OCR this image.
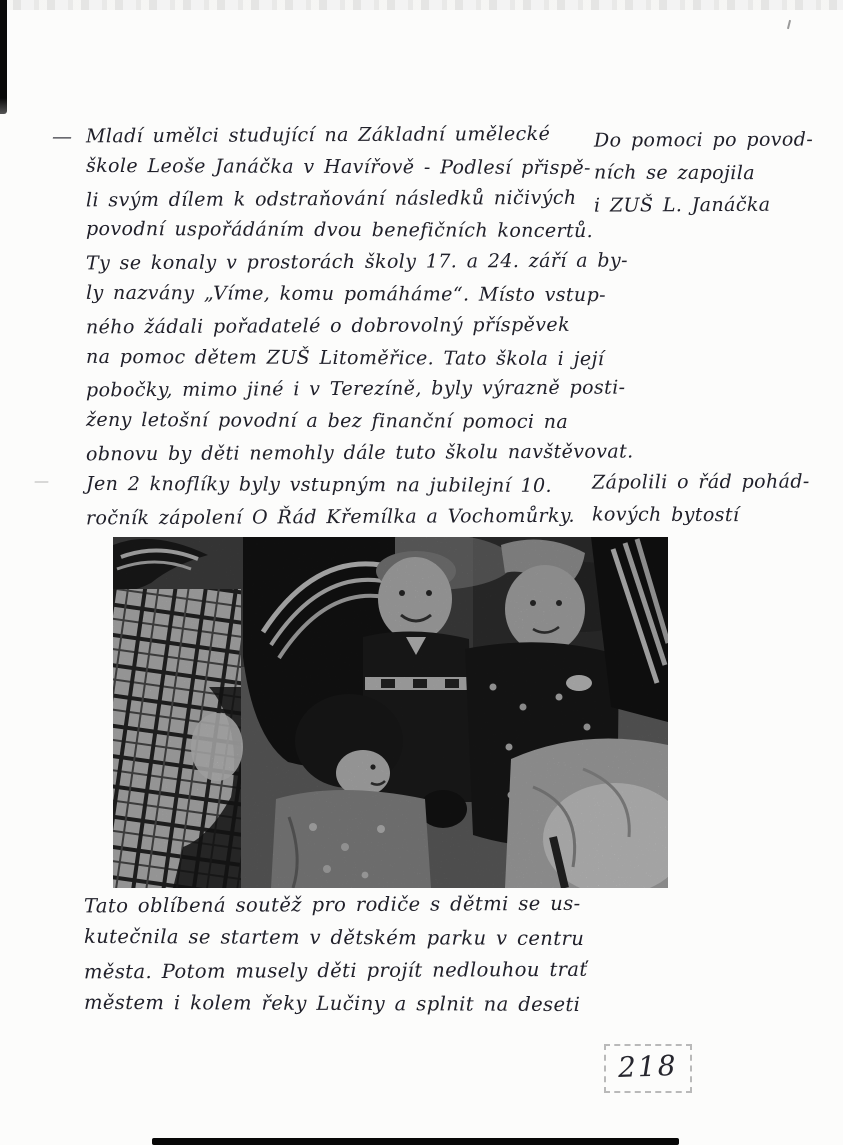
—
—
Mladí umělci studující na Základní umělecké
škole Leoše Janáčka v Havířově - Podlesí přispě-
li svým dílem k odstraňování následků ničivých
povodní uspořádáním dvou benefičních koncertů.
Ty se konaly v prostorách školy 17. a 24. září a by-
ly nazvány „Víme, komu pomáháme“. Místo vstup-
ného žádali pořadatelé o dobrovolný příspěvek
na pomoc dětem ZUŠ Litoměřice. Tato škola i její
pobočky, mimo jiné i v Terezíně, byly výrazně posti-
ženy letošní povodní a bez finanční pomoci na
obnovu by děti nemohly dále tuto školu navštěvovat.
Jen 2 knoflíky byly vstupným na jubilejní 10.
ročník zápolení O Řád Křemílka a Vochomůrky.
Do pomoci po povod-
ních se zapojila
i ZUŠ L. Janáčka
Zápolili o řád pohád-
kových bytostí
Tato oblíbená soutěž pro rodiče s dětmi se us-
kutečnila se startem v dětském parku v centru
města. Potom musely děti projít nedlouhou trať
městem i kolem řeky Lučiny a splnit na deseti
218
